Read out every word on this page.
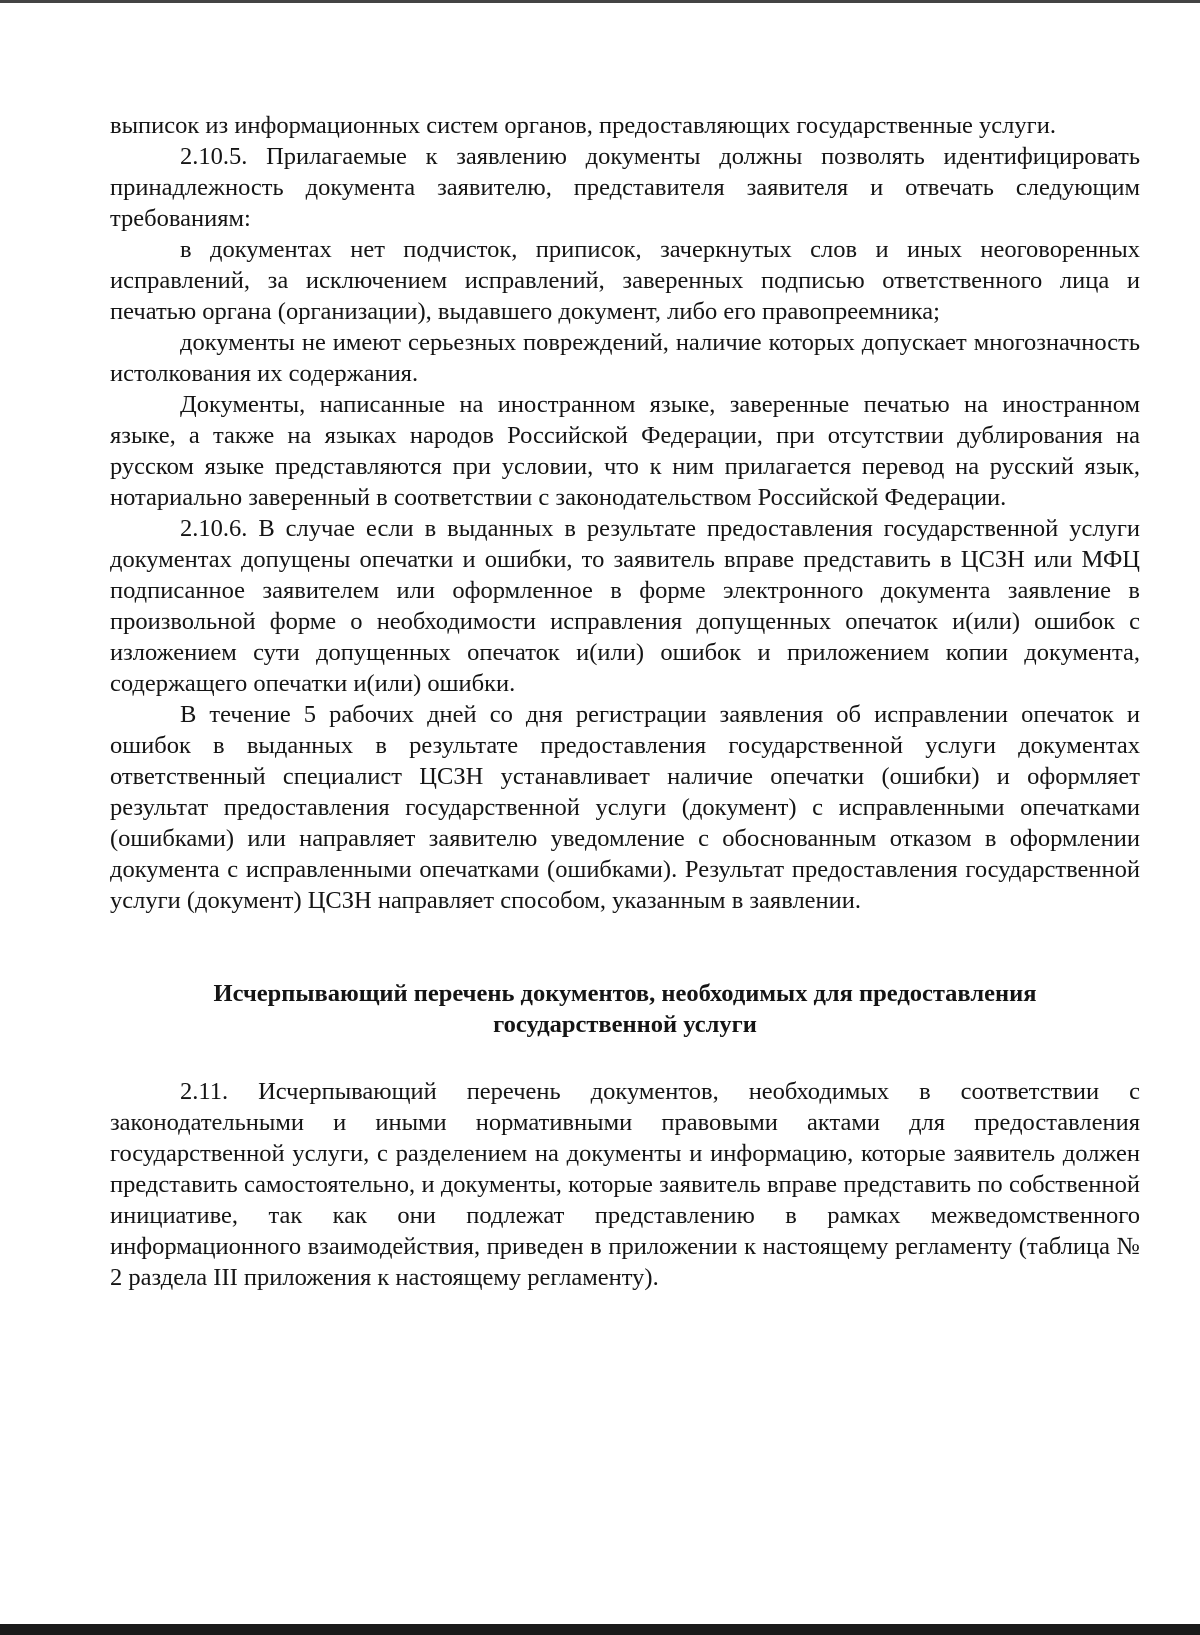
выписок из информационных систем органов, предоставляющих государственные услуги.

2.10.5. Прилагаемые к заявлению документы должны позволять идентифицировать принадлежность документа заявителю, представителя заявителя и отвечать следующим требованиям:

в документах нет подчисток, приписок, зачеркнутых слов и иных неоговоренных исправлений, за исключением исправлений, заверенных подписью ответственного лица и печатью органа (организации), выдавшего документ, либо его правопреемника;

документы не имеют серьезных повреждений, наличие которых допускает многозначность истолкования их содержания.

Документы, написанные на иностранном языке, заверенные печатью на иностранном языке, а также на языках народов Российской Федерации, при отсутствии дублирования на русском языке представляются при условии, что к ним прилагается перевод на русский язык, нотариально заверенный в соответствии с законодательством Российской Федерации.

2.10.6. В случае если в выданных в результате предоставления государственной услуги документах допущены опечатки и ошибки, то заявитель вправе представить в ЦСЗН или МФЦ подписанное заявителем или оформленное в форме электронного документа заявление в произвольной форме о необходимости исправления допущенных опечаток и(или) ошибок с изложением сути допущенных опечаток и(или) ошибок и приложением копии документа, содержащего опечатки и(или) ошибки.

В течение 5 рабочих дней со дня регистрации заявления об исправлении опечаток и ошибок в выданных в результате предоставления государственной услуги документах ответственный специалист ЦСЗН устанавливает наличие опечатки (ошибки) и оформляет результат предоставления государственной услуги (документ) с исправленными опечатками (ошибками) или направляет заявителю уведомление с обоснованным отказом в оформлении документа с исправленными опечатками (ошибками). Результат предоставления государственной услуги (документ) ЦСЗН направляет способом, указанным в заявлении.

Исчерпывающий перечень документов, необходимых для предоставления

государственной услуги

2.11. Исчерпывающий перечень документов, необходимых в соответствии с законодательными и иными нормативными правовыми актами для предоставления государственной услуги, с разделением на документы и информацию, которые заявитель должен представить самостоятельно, и документы, которые заявитель вправе представить по собственной инициативе, так как они подлежат представлению в рамках межведомственного информационного взаимодействия, приведен в приложении к настоящему регламенту (таблица № 2 раздела III приложения к настоящему регламенту).
